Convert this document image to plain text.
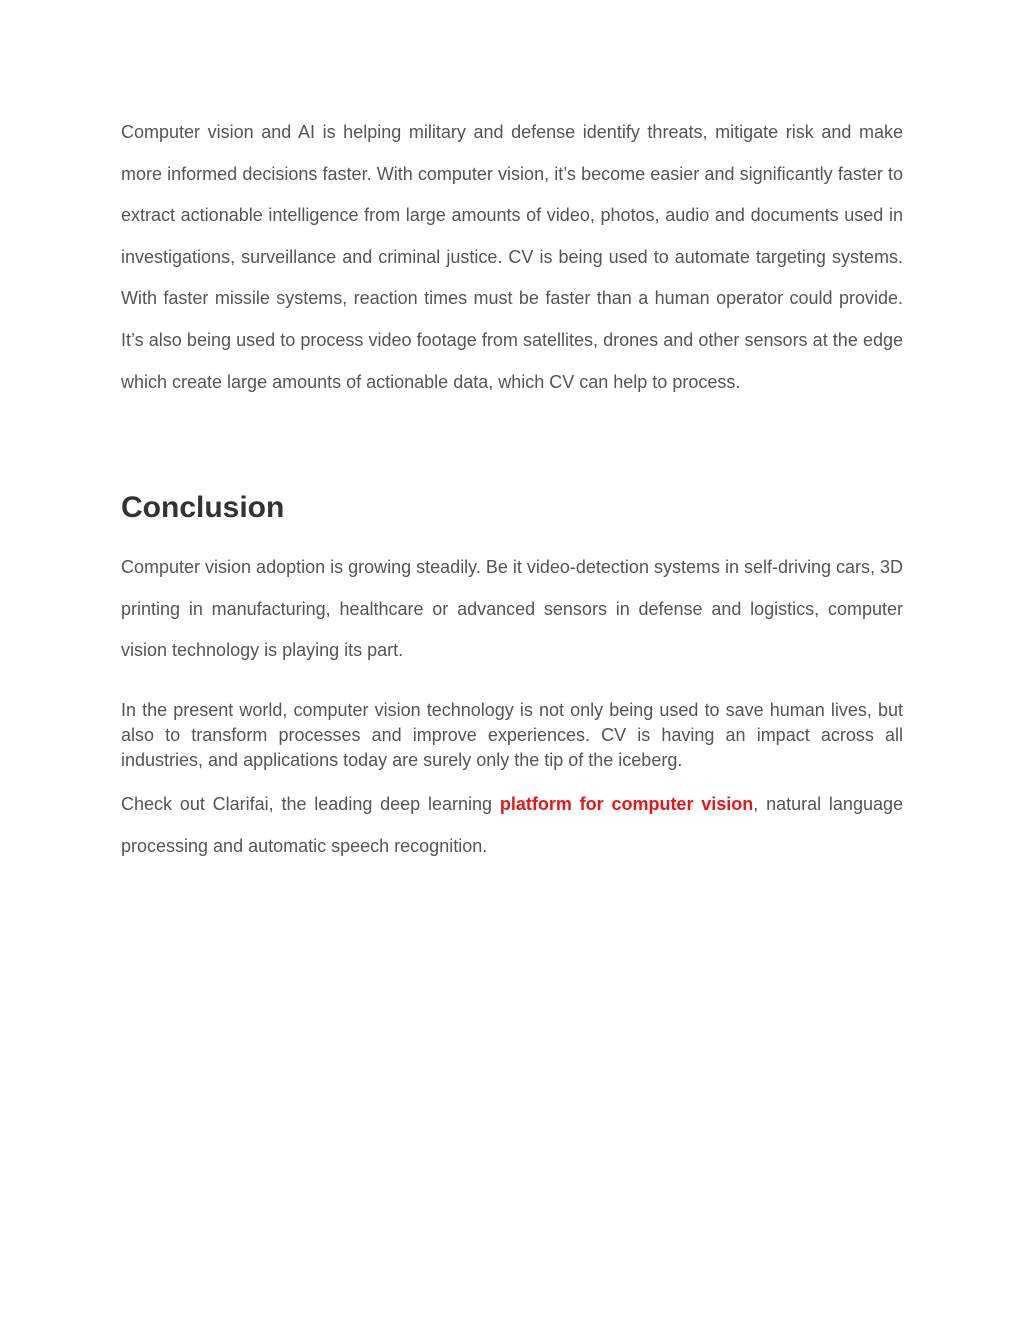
Computer vision and AI is helping military and defense identify threats, mitigate risk and make more informed decisions faster. With computer vision, it’s become easier and significantly faster to extract actionable intelligence from large amounts of video, photos, audio and documents used in investigations, surveillance and criminal justice. CV is being used to automate targeting systems. With faster missile systems, reaction times must be faster than a human operator could provide. It’s also being used to process video footage from satellites, drones and other sensors at the edge which create large amounts of actionable data, which CV can help to process.

Conclusion

Computer vision adoption is growing steadily. Be it video-detection systems in self-driving cars, 3D printing in manufacturing, healthcare or advanced sensors in defense and logistics, computer vision technology is playing its part.

In the present world, computer vision technology is not only being used to save human lives, but also to transform processes and improve experiences. CV is having an impact across all industries, and applications today are surely only the tip of the iceberg.

Check out Clarifai, the leading deep learning platform for computer vision, natural language processing and automatic speech recognition.
